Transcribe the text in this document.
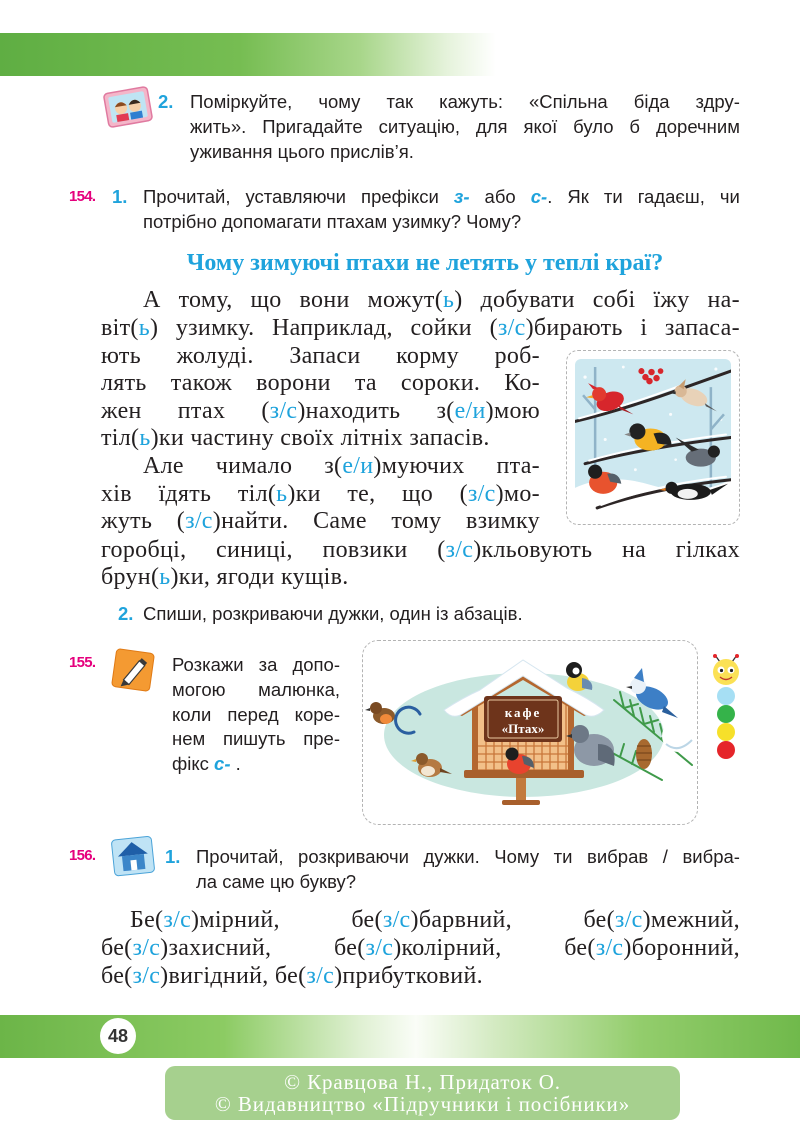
2. Поміркуйте, чому так кажуть: «Спільна біда здру-
жить». Пригадайте ситуацію, для якої було б доречним
уживання цього прислів’я.
154. 1. Прочитай, уставляючи префікси з- або с-. Як ти гадаєш, чи
потрібно допомагати птахам узимку? Чому?
Чому зимуючі птахи не летять у теплі краї?
А тому, що вони можут(ь) добувати собі їжу на-
віт(ь) узимку. Наприклад, сойки (з/с)бирають і запаса-
ють жолуді. Запаси корму роб-
лять також ворони та сороки. Ко-
жен птах (з/с)находить з(е/и)мою
тіл(ь)ки частину своїх літніх запасів.
Але чимало з(е/и)муючих пта-
хів їдять тіл(ь)ки те, що (з/с)мо-
жуть (з/с)найти. Саме тому взимку
горобці, синиці, повзики (з/с)кльовують на гілках
брун(ь)ки, ягоди кущів.
2. Спиши, розкриваючи дужки, один із абзаців.
155.	Розкажи за допо-
могою малюнка,
коли перед коре-
нем пишуть пре-
фікс с- .
кафе
«Птах»
156.	1. Прочитай, розкриваючи дужки. Чому ти вибрав / вибра-
ла саме цю букву?
Бе(з/с)мірний,	бе(з/с)барвний,	бе(з/с)межний,
бе(з/с)захисний,	бе(з/с)колірний,	бе(з/с)боронний,
бе(з/с)вигідний, бе(з/с)прибутковий.
48
© Кравцова Н., Придаток О.
© Видавництво «Підручники і посібники»
